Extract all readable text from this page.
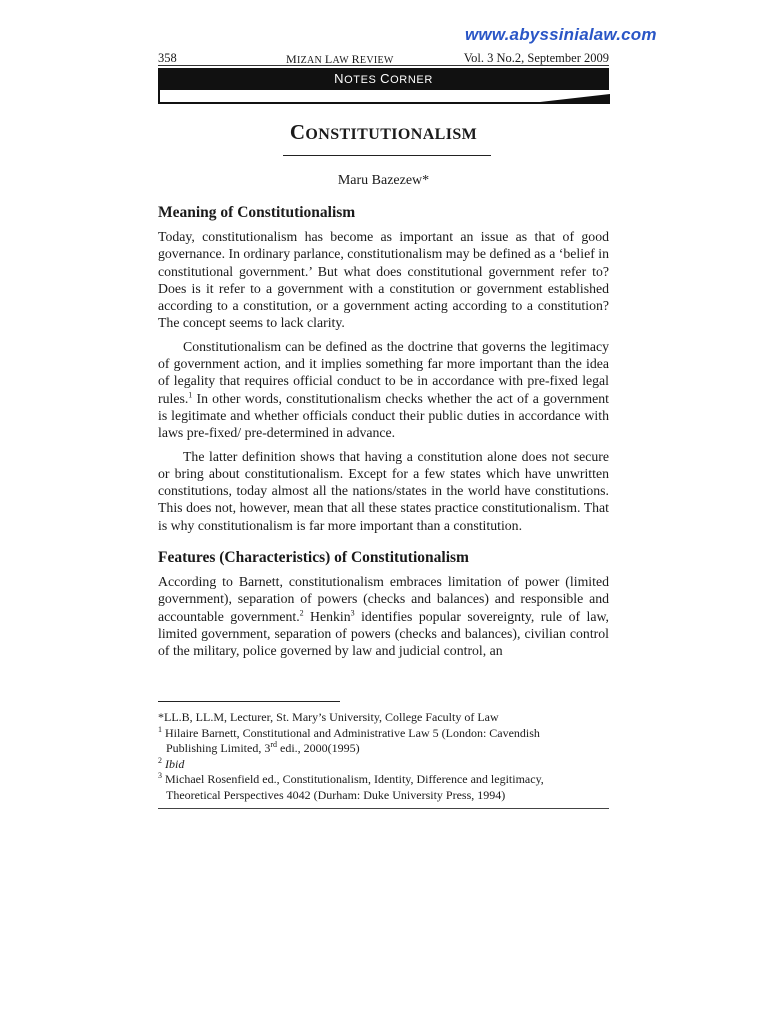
www.abyssinialaw.com
358	MIZAN LAW REVIEW	Vol. 3 No.2, September 2009
NOTES CORNER
CONSTITUTIONALISM
Maru Bazezew*
Meaning of Constitutionalism

Today, constitutionalism has become as important an issue as that of good governance. In ordinary parlance, constitutionalism may be defined as a ‘belief in constitutional government.’ But what does constitutional government refer to? Does is it refer to a government with a constitution or government established according to a constitution, or a government acting according to a constitution? The concept seems to lack clarity.

Constitutionalism can be defined as the doctrine that governs the legitimacy of government action, and it implies something far more important than the idea of legality that requires official conduct to be in accordance with pre-fixed legal rules.$^1$ In other words, constitutionalism checks whether the act of a government is legitimate and whether officials conduct their public duties in accordance with laws pre-fixed/ pre-determined in advance.

The latter definition shows that having a constitution alone does not secure or bring about constitutionalism. Except for a few states which have unwritten constitutions, today almost all the nations/states in the world have constitutions. This does not, however, mean that all these states practice constitutionalism. That is why constitutionalism is far more important than a constitution.

Features (Characteristics) of Constitutionalism

According to Barnett, constitutionalism embraces limitation of power (limited government), separation of powers (checks and balances) and responsible and accountable government.$^2$ Henkin$^3$ identifies popular sovereignty, rule of law, limited government, separation of powers (checks and balances), civilian control of the military, police governed by law and judicial control, an

*LL.B, LL.M, Lecturer, St. Mary’s University, College Faculty of Law

$^1$ Hilaire Barnett, Constitutional and Administrative Law 5 (London: Cavendish

Publishing Limited, 3rd edi., 2000(1995)

$^2$ Ibid

$^3$ Michael Rosenfield ed., Constitutionalism, Identity, Difference and legitimacy,

Theoretical Perspectives 4042 (Durham: Duke University Press, 1994)
